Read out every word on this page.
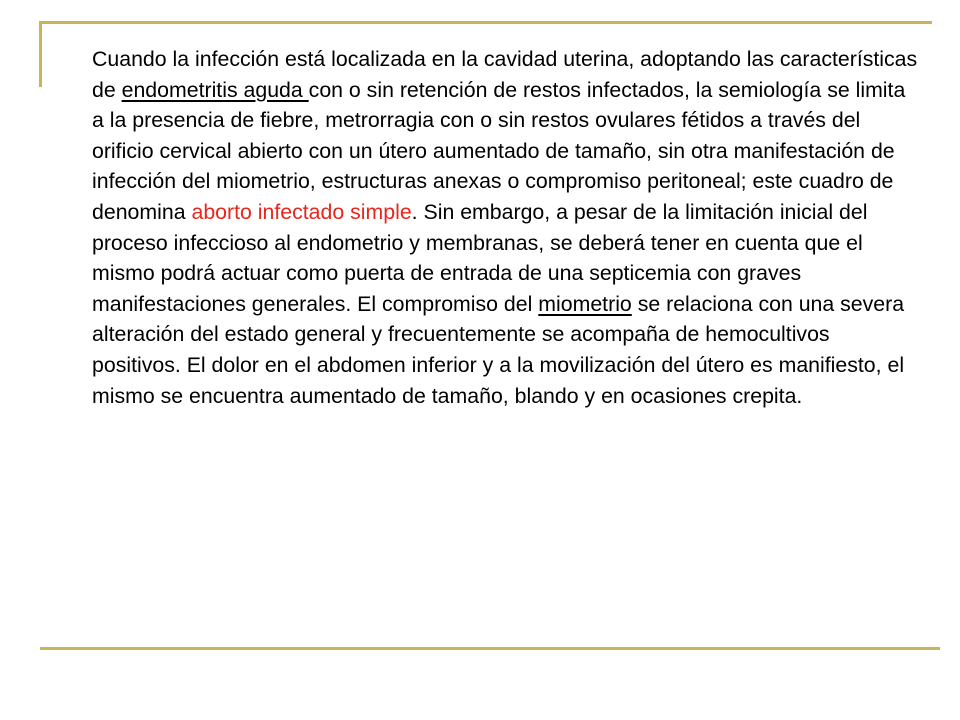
Cuando la infección está localizada en la cavidad uterina, adoptando las características de endometritis aguda con o sin retención de restos infectados, la semiología se limita a la presencia de fiebre, metrorragia con o sin restos ovulares fétidos a través del orificio cervical abierto con un útero aumentado de tamaño, sin otra manifestación de infección del miometrio, estructuras anexas o compromiso peritoneal; este cuadro de denomina aborto infectado simple. Sin embargo, a pesar de la limitación inicial del proceso infeccioso al endometrio y membranas, se deberá tener en cuenta que el mismo podrá actuar como puerta de entrada de una septicemia con graves manifestaciones generales. El compromiso del miometrio se relaciona con una severa alteración del estado general y frecuentemente se acompaña de hemocultivos positivos. El dolor en el abdomen inferior y a la movilización del útero es manifiesto, el mismo se encuentra aumentado de tamaño, blando y en ocasiones crepita.
